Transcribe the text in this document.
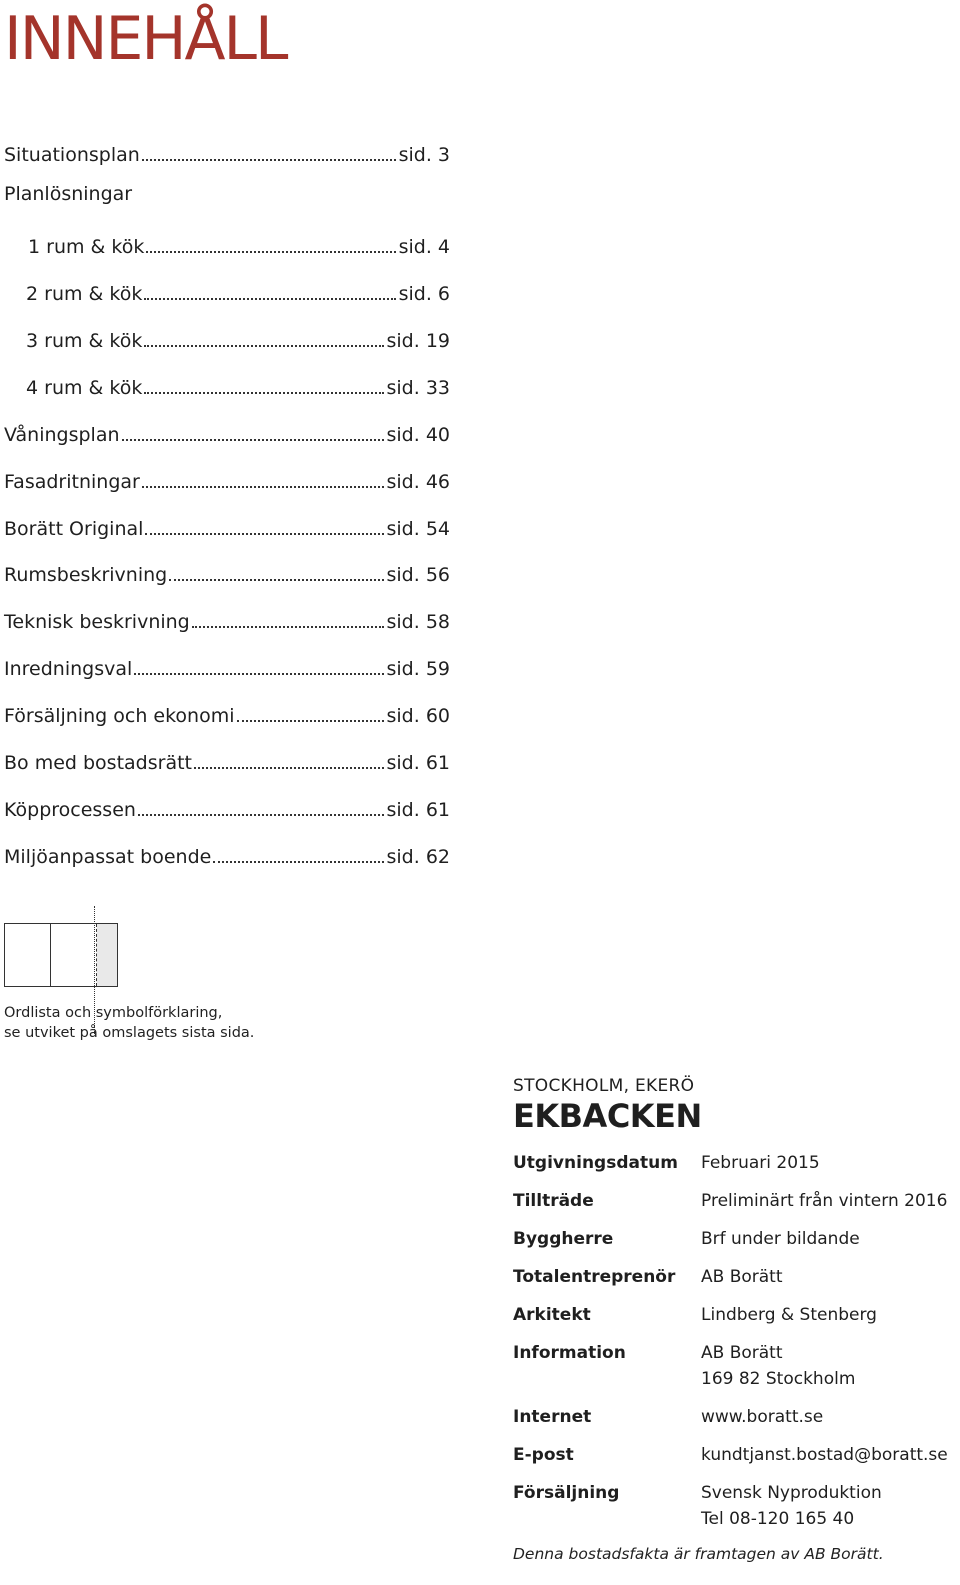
INNEHÅLL
Situationsplan	sid. 3
Planlösningar
1 rum & kök	sid. 4
2 rum & kök	sid. 6
3 rum & kök	sid. 19
4 rum & kök	sid. 33
Våningsplan	sid. 40
Fasadritningar	sid. 46
Borätt Original	sid. 54
Rumsbeskrivning	sid. 56
Teknisk beskrivning	sid. 58
Inredningsval	sid. 59
Försäljning och ekonomi	sid. 60
Bo med bostadsrätt	sid. 61
Köpprocessen	sid. 61
Miljöanpassat boende	sid. 62
Ordlista och symbolförklaring,
se utviket på omslagets sista sida.
STOCKHOLM, EKERÖ
EKBACKEN
Utgivningsdatum Februari 2015
Tillträde	Preliminärt från vintern 2016
Byggherre	Brf under bildande
Totalentreprenör AB Borätt
Arkitekt	Lindberg & Stenberg
Information	AB Borätt
169 82 Stockholm
Internet	www.boratt.se
E-post	kundtjanst.bostad@boratt.se
Försäljning	Svensk Nyproduktion
Tel 08-120 165 40
Denna bostadsfakta är framtagen av AB Borätt.
